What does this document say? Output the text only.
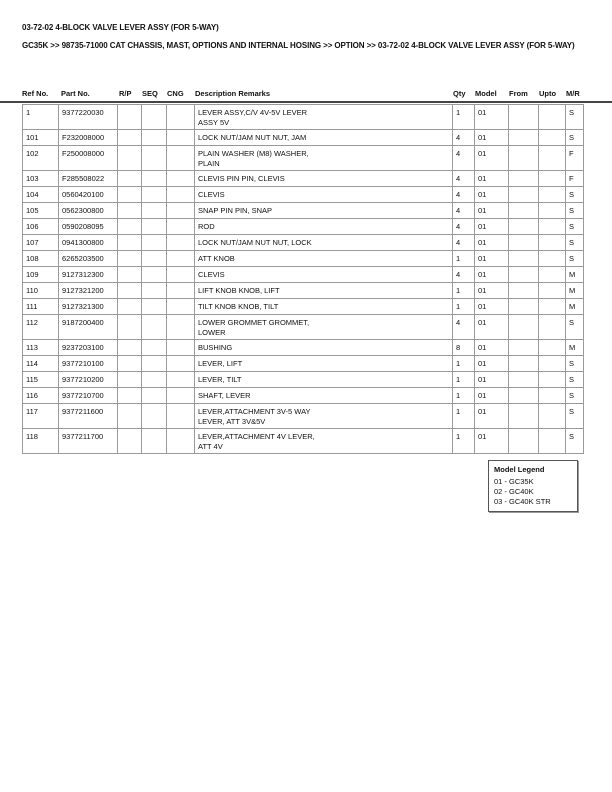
03-72-02 4-BLOCK VALVE LEVER ASSY (FOR 5-WAY)
GC35K >> 98735-71000 CAT CHASSIS, MAST, OPTIONS AND INTERNAL HOSING >> OPTION >> 03-72-02 4-BLOCK VALVE LEVER ASSY (FOR 5-WAY)
Ref No. Part No.	R/P SEQ CNG Description Remarks	Qty Model From Upto M/R
1	9377220030				LEVER ASSY,C/V 4V-5V LEVER
ASSY 5V	1	01			S	
101	F232008000				LOCK NUT/JAM NUT NUT, JAM	4	01			S	
102	F250008000				PLAIN WASHER (M8) WASHER,
PLAIN	4	01			F	
103	F285508022				CLEVIS PIN PIN, CLEVIS	4	01			F	
104	0560420100				CLEVIS	4	01			S	
105	0562300800				SNAP PIN PIN, SNAP	4	01			S	
106	0590208095				ROD	4	01			S	
107	0941300800				LOCK NUT/JAM NUT NUT, LOCK	4	01			S	
108	6265203500				ATT KNOB	1	01			S	
109	9127312300				CLEVIS	4	01			M	
110	9127321200				LIFT KNOB KNOB, LIFT	1	01			M	
111	9127321300				TILT KNOB KNOB, TILT	1	01			M	
112	9187200400				LOWER GROMMET GROMMET,
LOWER	4	01			S	
113	9237203100				BUSHING	8	01			M	
114	9377210100				LEVER, LIFT	1	01			S	
115	9377210200				LEVER, TILT	1	01			S	
116	9377210700				SHAFT, LEVER	1	01			S	
117	9377211600				LEVER,ATTACHMENT 3V-5 WAY
LEVER, ATT 3V&5V	1	01			S	
118	9377211700				LEVER,ATTACHMENT 4V LEVER,
ATT 4V	1	01			S	
Model Legend
01 - GC35K
02 - GC40K
03 - GC40K STR
